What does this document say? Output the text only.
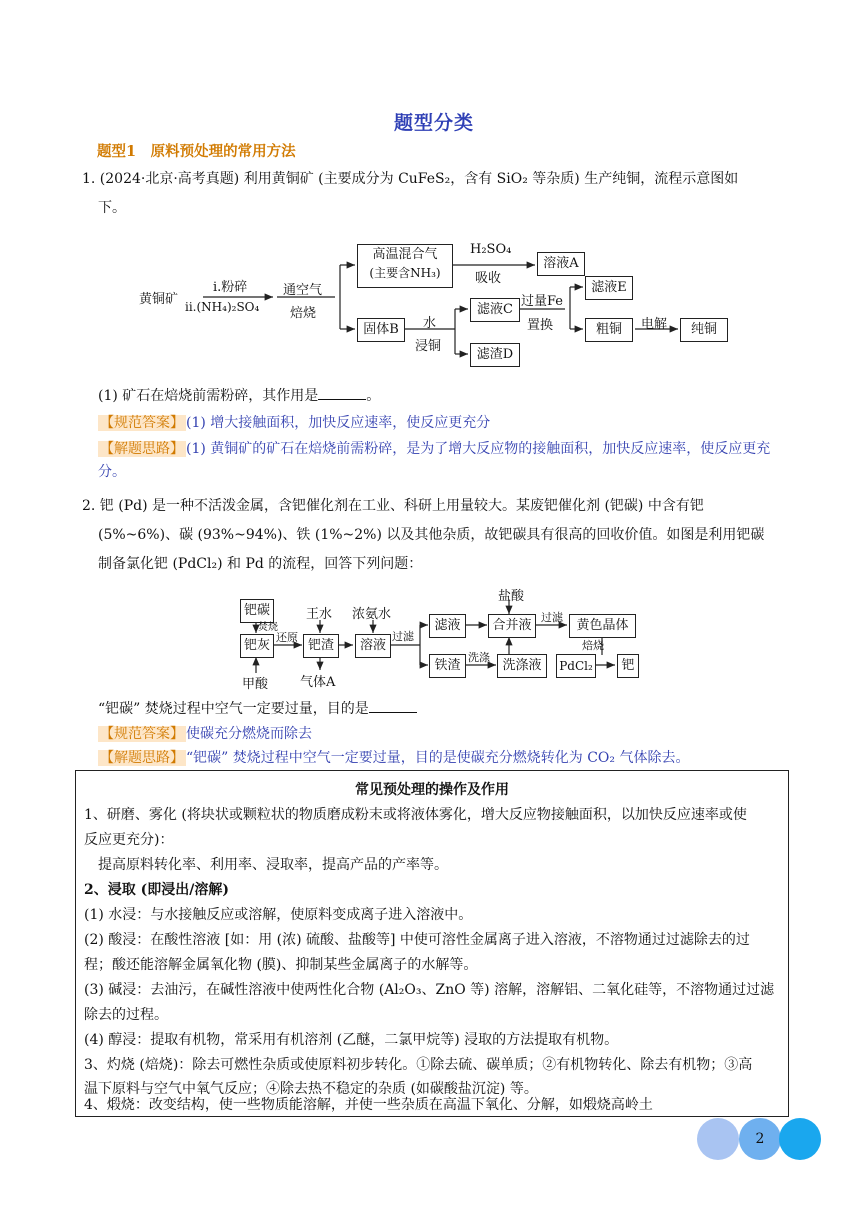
题型分类
题型1　原料预处理的常用方法
1. (2024·北京·高考真题) 利用黄铜矿 (主要成分为 CuFeS₂，含有 SiO₂ 等杂质) 生产纯铜，流程示意图如
下。
黄铜矿
i.粉碎
ii.(NH₄)₂SO₄
通空气
焙烧
高温混合气
(主要含NH₃)
H₂SO₄
吸收
溶液A
固体B	水
浸铜
滤液C
过量Fe
置换
滤液E
粗铜	电解	纯铜
滤渣D
(1) 矿石在焙烧前需粉碎，其作用是	。
【规范答案】 (1) 增大接触面积，加快反应速率，使反应更充分
【解题思路】 (1) 黄铜矿的矿石在焙烧前需粉碎，是为了增大反应物的接触面积，加快反应速率，使反应更充
分。
2. 钯 (Pd) 是一种不活泼金属，含钯催化剂在工业、科研上用量较大。某废钯催化剂 (钯碳) 中含有钯
(5%~6%)、碳 (93%~94%)、铁 (1%~2%) 以及其他杂质，故钯碳具有很高的回收价值。如图是利用钯碳
制备氯化钯 (PdCl₂) 和 Pd 的流程，回答下列问题：
钯碳
焚烧
钯灰
甲酸
还原
王水
钯渣
气体A
浓氨水
溶液
过滤
滤液
盐酸
合并液
过滤
黄色晶体
焙烧
铁渣
洗涤
洗涤液	PdCl₂	钯
“钯碳” 焚烧过程中空气一定要过量，目的是
【规范答案】 使碳充分燃烧而除去
【解题思路】 “钯碳” 焚烧过程中空气一定要过量，目的是使碳充分燃烧转化为 CO₂ 气体除去。
常见预处理的操作及作用
1、研磨、雾化 (将块状或颗粒状的物质磨成粉末或将液体雾化，增大反应物接触面积，以加快反应速率或使
反应更充分)：
　提高原料转化率、利用率、浸取率，提高产品的产率等。
2、浸取 (即浸出/溶解)
(1) 水浸：与水接触反应或溶解，使原料变成离子进入溶液中。
(2) 酸浸：在酸性溶液 [如：用 (浓) 硫酸、盐酸等] 中使可溶性金属离子进入溶液，不溶物通过过滤除去的过
程；酸还能溶解金属氧化物 (膜)、抑制某些金属离子的水解等。
(3) 碱浸：去油污，在碱性溶液中使两性化合物 (Al₂O₃、ZnO 等) 溶解，溶解铝、二氧化硅等，不溶物通过过滤
除去的过程。
(4) 醇浸：提取有机物，常采用有机溶剂 (乙醚，二氯甲烷等) 浸取的方法提取有机物。
3、灼烧 (焙烧)：除去可燃性杂质或使原料初步转化。①除去硫、碳单质；②有机物转化、除去有机物；③高
温下原料与空气中氧气反应；④除去热不稳定的杂质 (如碳酸盐沉淀) 等。
4、煅烧：改变结构，使一些物质能溶解，并使一些杂质在高温下氧化、分解，如煅烧高岭土
2
